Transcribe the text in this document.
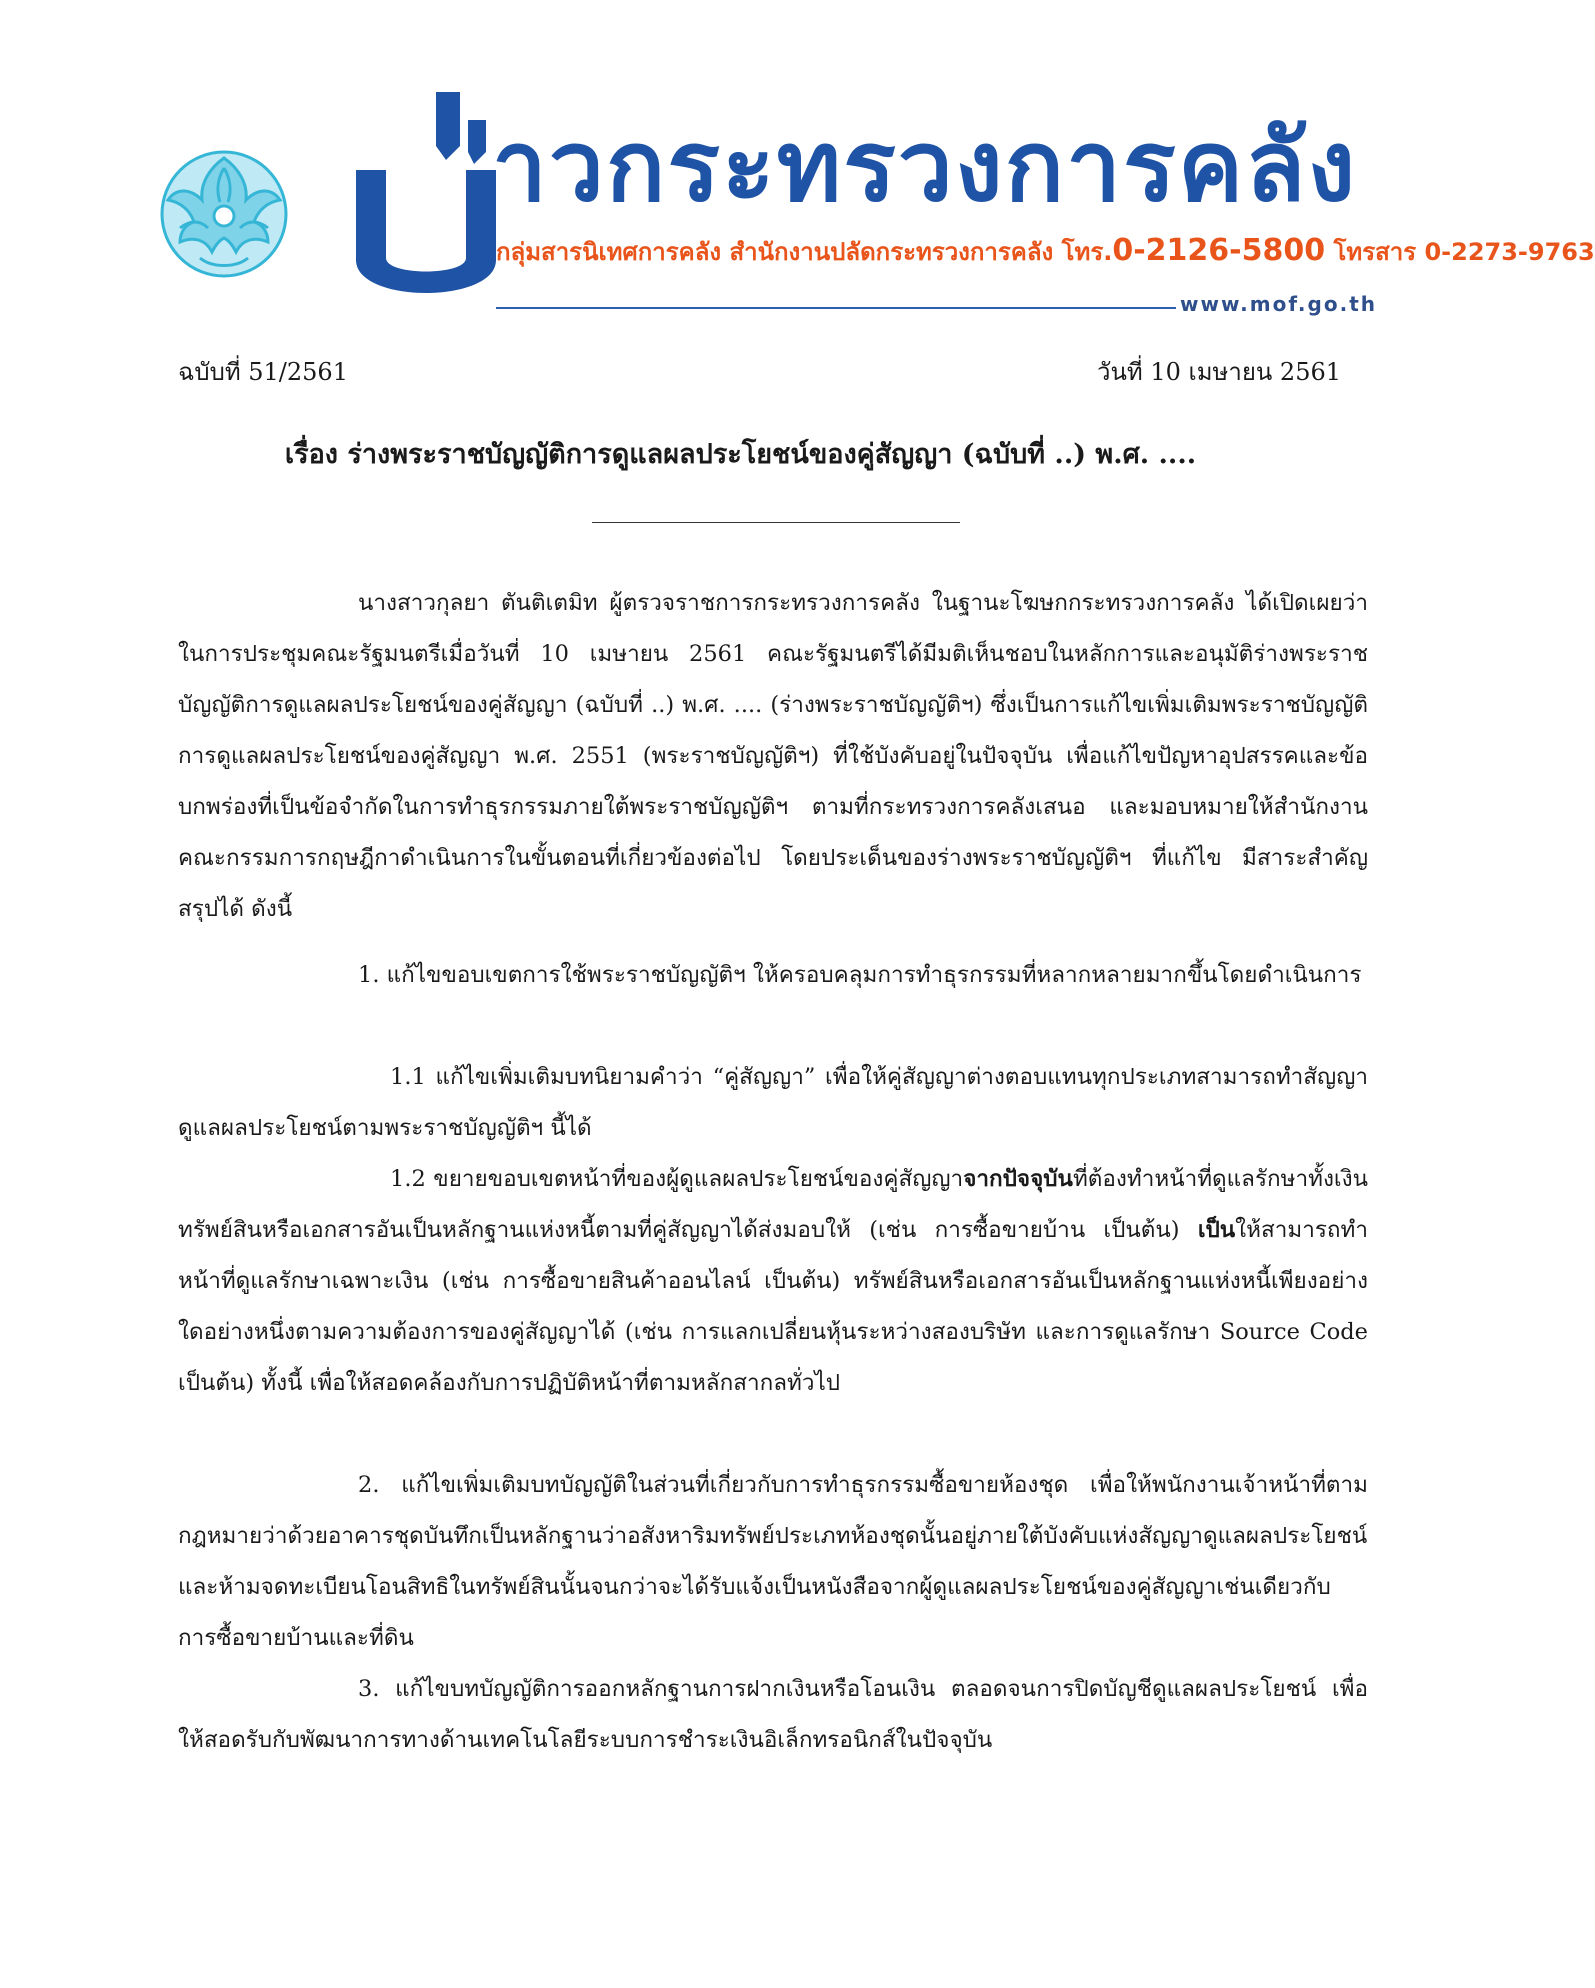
าวกระทรวงการคลัง
กลุ่มสารนิเทศการคลัง สำนักงานปลัดกระทรวงการคลัง โทร.0-2126-5800 โทรสาร 0-2273-9763
www.mof.go.th
ฉบับที่ 51/2561	วันที่ 10 เมษายน 2561
เรื่อง ร่างพระราชบัญญัติการดูแลผลประโยชน์ของคู่สัญญา (ฉบับที่ ..) พ.ศ. ....
นางสาวกุลยา ตันติเตมิท ผู้ตรวจราชการกระทรวงการคลัง ในฐานะโฆษกกระทรวงการคลัง ได้เปิดเผยว่า ในการประชุมคณะรัฐมนตรีเมื่อวันที่ 10 เมษายน 2561 คณะรัฐมนตรีได้มีมติเห็นชอบในหลักการและอนุมัติร่างพระราชบัญญัติการดูแลผลประโยชน์ของคู่สัญญา (ฉบับที่ ..) พ.ศ. .... (ร่างพระราชบัญญัติฯ) ซึ่งเป็นการแก้ไขเพิ่มเติมพระราชบัญญัติการดูแลผลประโยชน์ของคู่สัญญา พ.ศ. 2551 (พระราชบัญญัติฯ) ที่ใช้บังคับอยู่ในปัจจุบัน เพื่อแก้ไขปัญหาอุปสรรคและข้อบกพร่องที่เป็นข้อจำกัดในการทำธุรกรรมภายใต้พระราชบัญญัติฯ ตามที่กระทรวงการคลังเสนอ และมอบหมายให้สำนักงานคณะกรรมการกฤษฎีกาดำเนินการในขั้นตอนที่เกี่ยวข้องต่อไป โดยประเด็นของร่างพระราชบัญญัติฯ ที่แก้ไข มีสาระสำคัญสรุปได้ ดังนี้
1. แก้ไขขอบเขตการใช้พระราชบัญญัติฯ ให้ครอบคลุมการทำธุรกรรมที่หลากหลายมากขึ้นโดยดำเนินการ
1.1 แก้ไขเพิ่มเติมบทนิยามคำว่า “คู่สัญญา” เพื่อให้คู่สัญญาต่างตอบแทนทุกประเภทสามารถทำสัญญาดูแลผลประโยชน์ตามพระราชบัญญัติฯ นี้ได้
1.2 ขยายขอบเขตหน้าที่ของผู้ดูแลผลประโยชน์ของคู่สัญญาจากปัจจุบันที่ต้องทำหน้าที่ดูแลรักษาทั้งเงิน ทรัพย์สินหรือเอกสารอันเป็นหลักฐานแห่งหนี้ตามที่คู่สัญญาได้ส่งมอบให้ (เช่น การซื้อขายบ้าน เป็นต้น) เป็นให้สามารถทำหน้าที่ดูแลรักษาเฉพาะเงิน (เช่น การซื้อขายสินค้าออนไลน์ เป็นต้น) ทรัพย์สินหรือเอกสารอันเป็นหลักฐานแห่งหนี้เพียงอย่างใดอย่างหนึ่งตามความต้องการของคู่สัญญาได้ (เช่น การแลกเปลี่ยนหุ้นระหว่างสองบริษัท และการดูแลรักษา Source Code เป็นต้น) ทั้งนี้ เพื่อให้สอดคล้องกับการปฏิบัติหน้าที่ตามหลักสากลทั่วไป
2. แก้ไขเพิ่มเติมบทบัญญัติในส่วนที่เกี่ยวกับการทำธุรกรรมซื้อขายห้องชุด เพื่อให้พนักงานเจ้าหน้าที่ตามกฎหมายว่าด้วยอาคารชุดบันทึกเป็นหลักฐานว่าอสังหาริมทรัพย์ประเภทห้องชุดนั้นอยู่ภายใต้บังคับแห่งสัญญาดูแลผลประโยชน์ และห้ามจดทะเบียนโอนสิทธิในทรัพย์สินนั้นจนกว่าจะได้รับแจ้งเป็นหนังสือจากผู้ดูแลผลประโยชน์ของคู่สัญญาเช่นเดียวกับการซื้อขายบ้านและที่ดิน
3. แก้ไขบทบัญญัติการออกหลักฐานการฝากเงินหรือโอนเงิน ตลอดจนการปิดบัญชีดูแลผลประโยชน์ เพื่อให้สอดรับกับพัฒนาการทางด้านเทคโนโลยีระบบการชำระเงินอิเล็กทรอนิกส์ในปัจจุบัน
